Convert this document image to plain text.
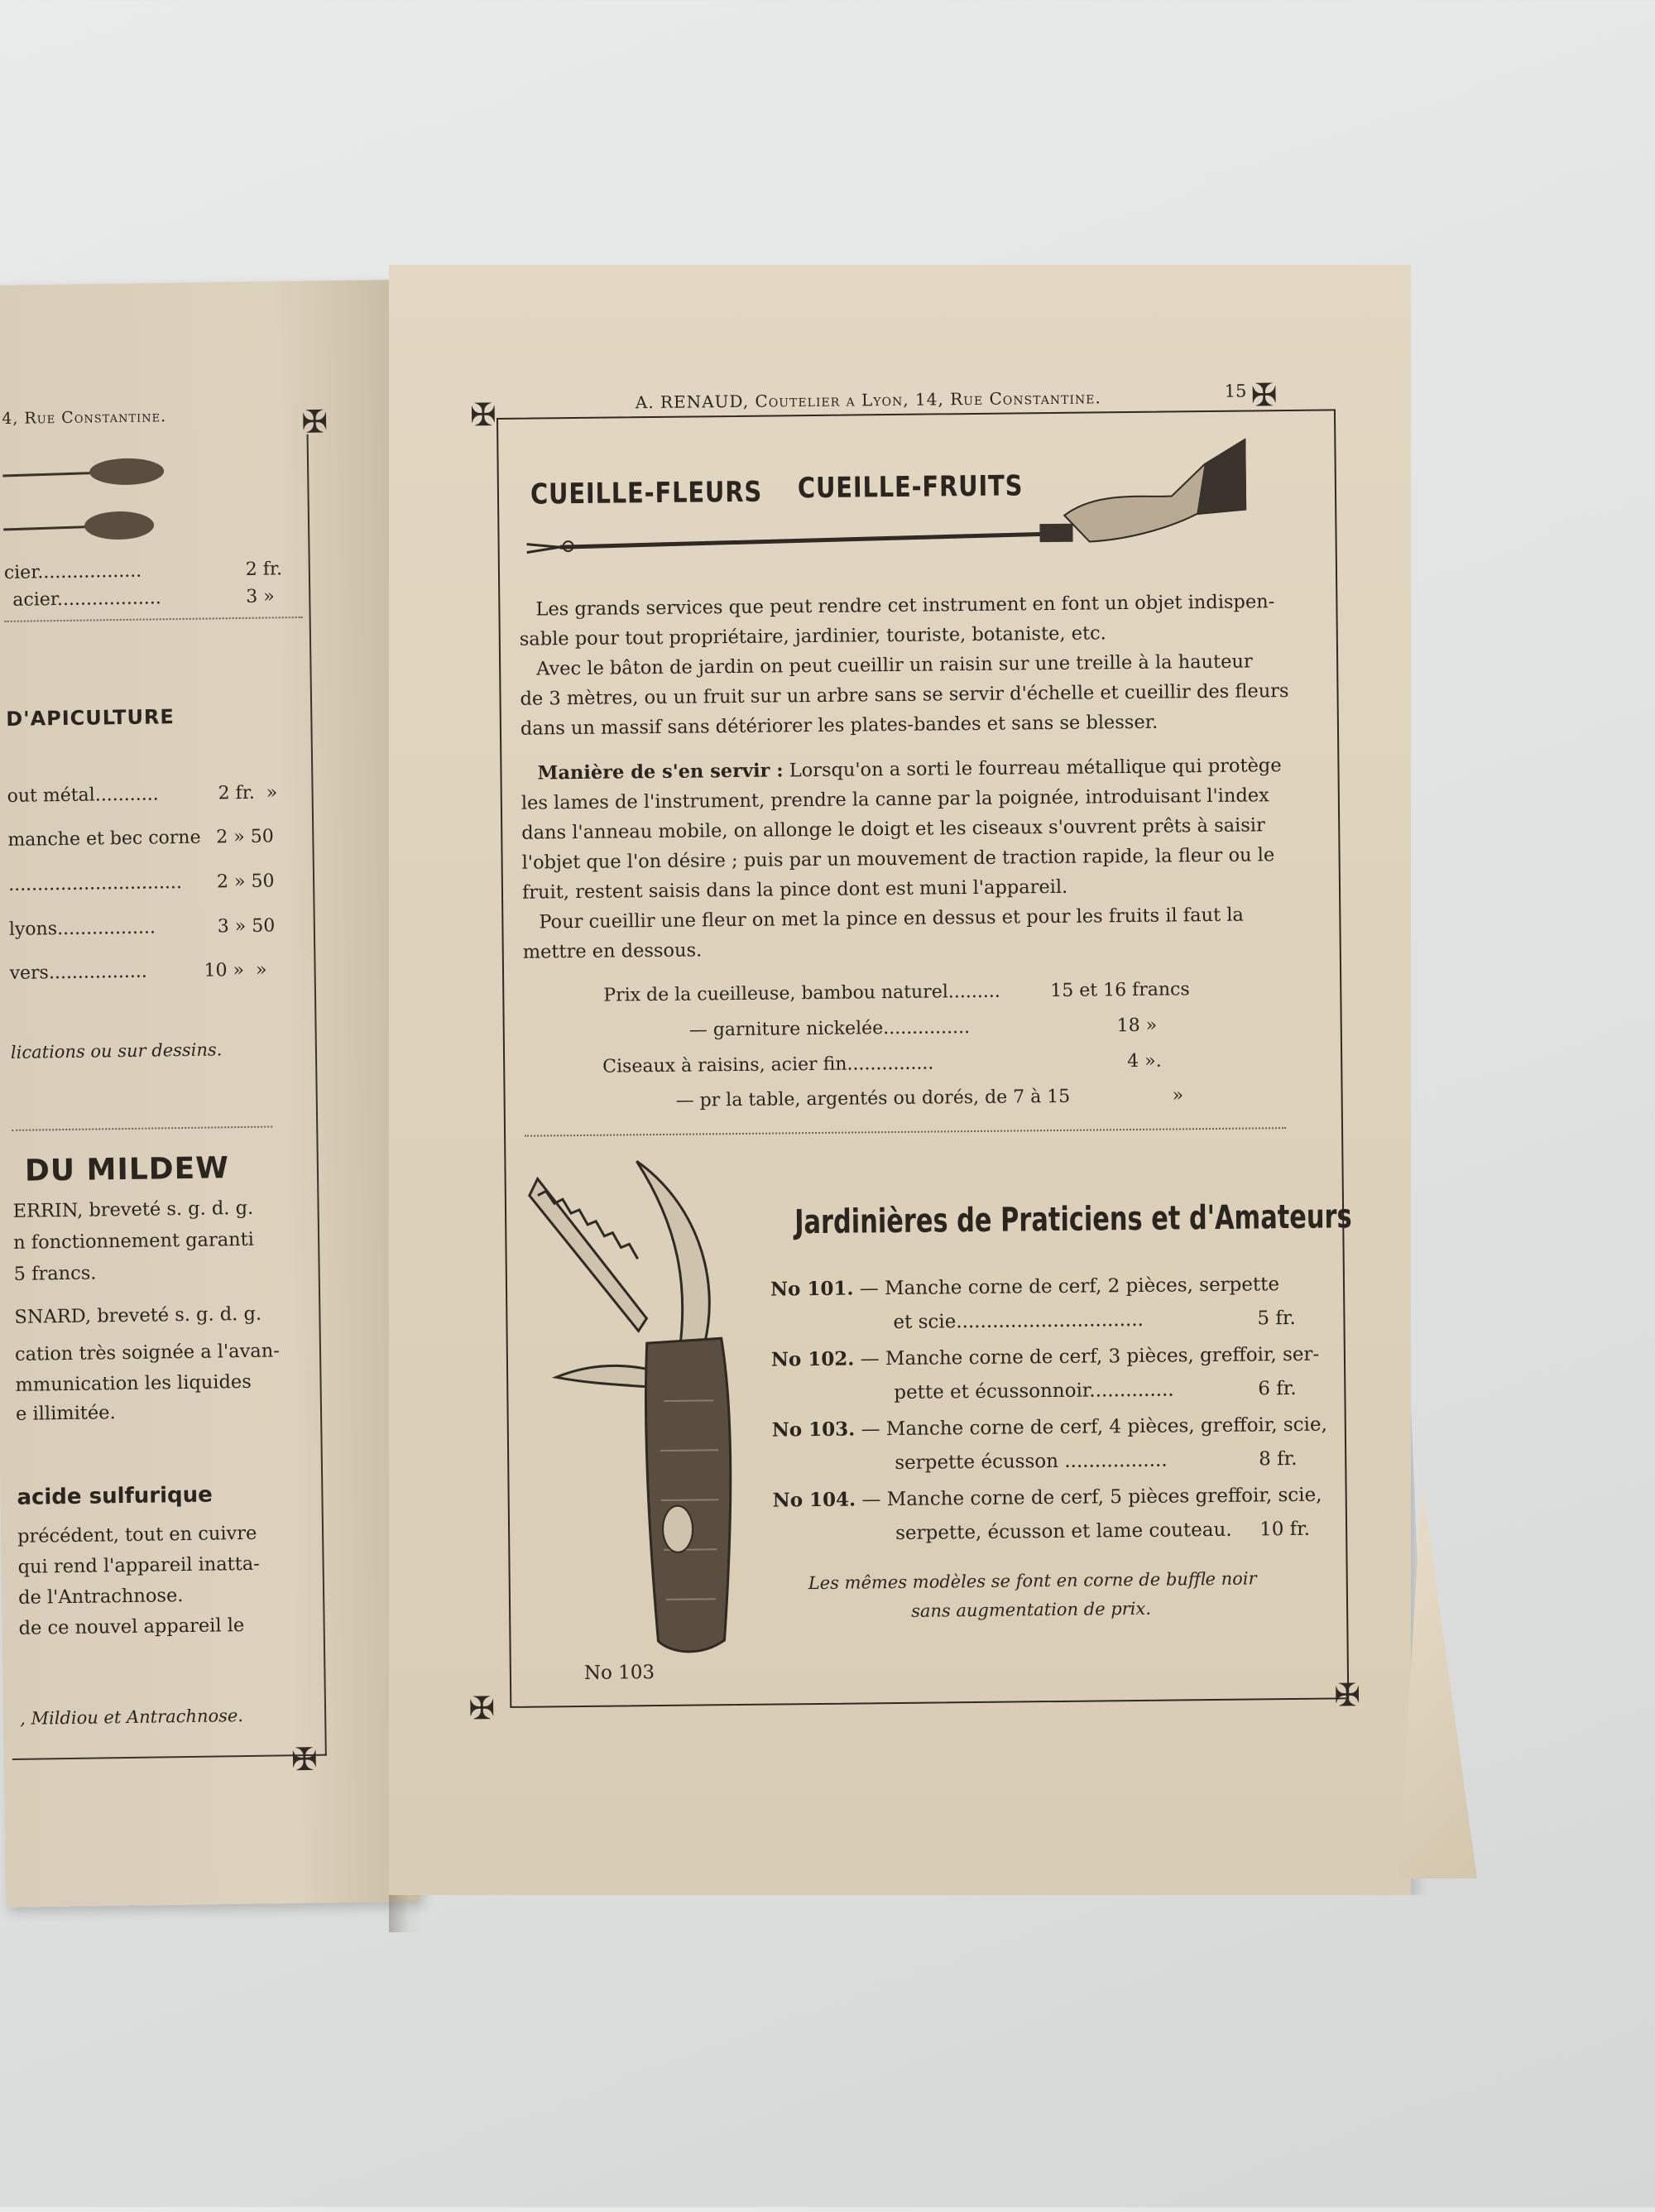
4, Rue Constantine.	✠
cier..................	2 fr.
acier..................	3 »
D'APICULTURE
out métal...........	2 fr. »
manche et bec corne 2 » 50
.............................. 2 » 50
lyons.................	3 » 50
vers.................	10 » »
lications ou sur dessins.
DU MILDEW
ERRIN, breveté s. g. d. g.
n fonctionnement garanti
5 francs.
SNARD, breveté s. g. d. g.
cation très soignée a l'avan-
mmunication les liquides
e illimitée.
acide sulfurique
précédent, tout en cuivre
qui rend l'appareil inatta-
de l'Antrachnose.
de ce nouvel appareil le
, Mildiou et Antrachnose.
✠
✠	A. RENAUD, Coutelier a Lyon, 14, Rue Constantine.	15 ✠
CUEILLE-FLEURS CUEILLE-FRUITS
Les grands services que peut rendre cet instrument en font un objet indispen-
sable pour tout propriétaire, jardinier, touriste, botaniste, etc.
Avec le bâton de jardin on peut cueillir un raisin sur une treille à la hauteur
de 3 mètres, ou un fruit sur un arbre sans se servir d'échelle et cueillir des fleurs
dans un massif sans détériorer les plates-bandes et sans se blesser.
Manière de s'en servir : Lorsqu'on a sorti le fourreau métallique qui protège
les lames de l'instrument, prendre la canne par la poignée, introduisant l'index
dans l'anneau mobile, on allonge le doigt et les ciseaux s'ouvrent prêts à saisir
l'objet que l'on désire ; puis par un mouvement de traction rapide, la fleur ou le
fruit, restent saisis dans la pince dont est muni l'appareil.
Pour cueillir une fleur on met la pince en dessus et pour les fruits il faut la
mettre en dessous.
Prix de la cueilleuse, bambou naturel.........	15 et 16 francs
— garniture nickelée...............	18 »
Ciseaux à raisins, acier fin...............	4 ».
— pr la table, argentés ou dorés, de 7 à 15	»
No 103
Jardinières de Praticiens et d'Amateurs
No 101. — Manche corne de cerf, 2 pièces, serpette
et scie...............................	5 fr.
No 102. — Manche corne de cerf, 3 pièces, greffoir, ser-
pette et écussonnoir..............	6 fr.
No 103. — Manche corne de cerf, 4 pièces, greffoir, scie,
serpette écusson .................	8 fr.
No 104. — Manche corne de cerf, 5 pièces greffoir, scie,
serpette, écusson et lame couteau. 10 fr.
Les mêmes modèles se font en corne de buffle noir
sans augmentation de prix.
✠	✠
